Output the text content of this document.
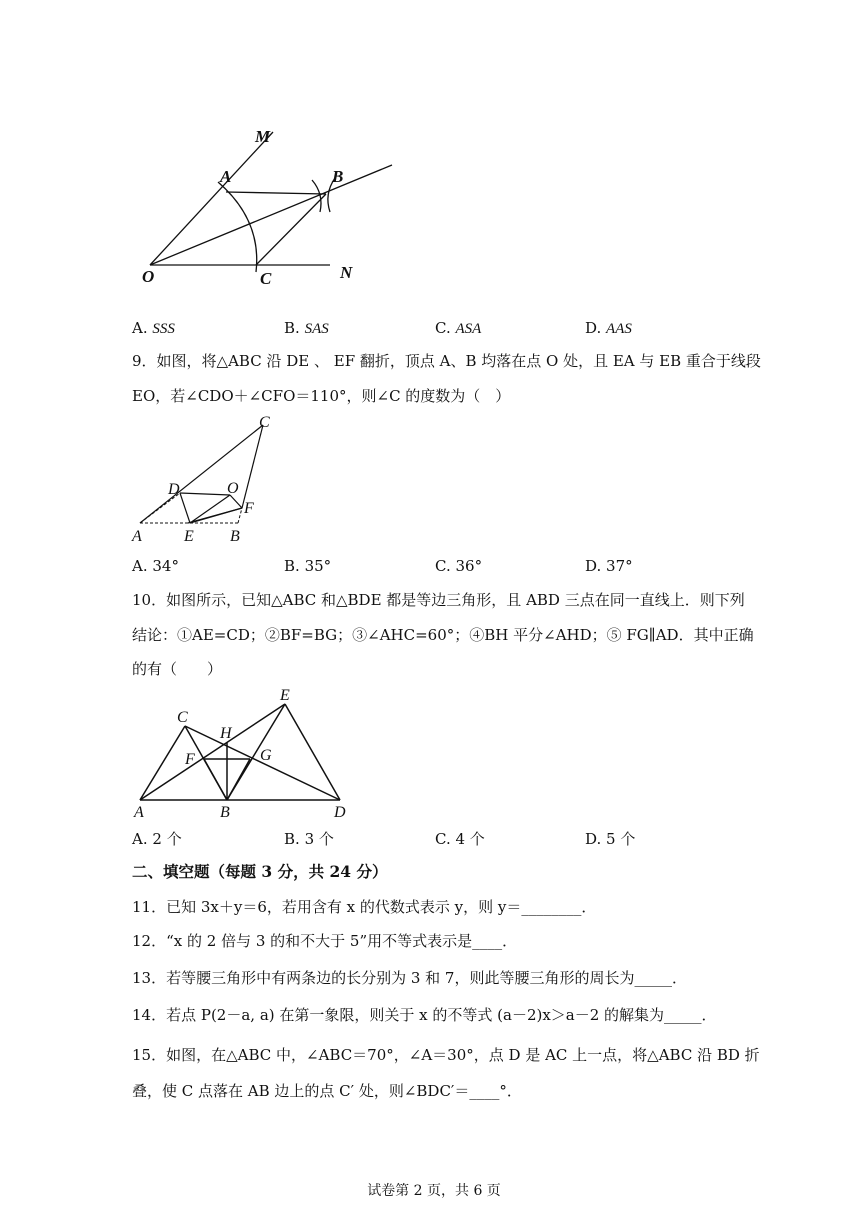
M
A	B
O	C	N
A. SSS	B. SAS	C. ASA	D. AAS
9．如图，将△ABC 沿 DE 、 EF 翻折，顶点 A、B 均落在点 O 处，且 EA 与 EB 重合于线段
EO，若∠CDO＋∠CFO＝110°，则∠C 的度数为（　）
C
D	O
F
A	E B
A. 34°	B. 35°	C. 36°	D. 37°
10．如图所示，已知△ABC 和△BDE 都是等边三角形，且 ABD 三点在同一直线上．则下列
结论：①AE=CD；②BF=BG；③∠AHC=60°；④BH 平分∠AHD；⑤ FG∥AD．其中正确
的有（　　）
E
C
H
F	G
A	B	D
A. 2 个	B. 3 个	C. 4 个	D. 5 个
二、填空题（每题 3 分，共 24 分）
11．已知 3x＋y＝6，若用含有 x 的代数式表示 y，则 y＝________．
12．“x 的 2 倍与 3 的和不大于 5”用不等式表示是____．
13．若等腰三角形中有两条边的长分别为 3 和 7，则此等腰三角形的周长为_____．
14．若点 P(2－a, a) 在第一象限，则关于 x 的不等式 (a－2)x＞a－2 的解集为_____．
15．如图，在△ABC 中，∠ABC＝70°，∠A＝30°，点 D 是 AC 上一点，将△ABC 沿 BD 折
叠，使 C 点落在 AB 边上的点 C′ 处，则∠BDC′＝____°．
试卷第 2 页，共 6 页
